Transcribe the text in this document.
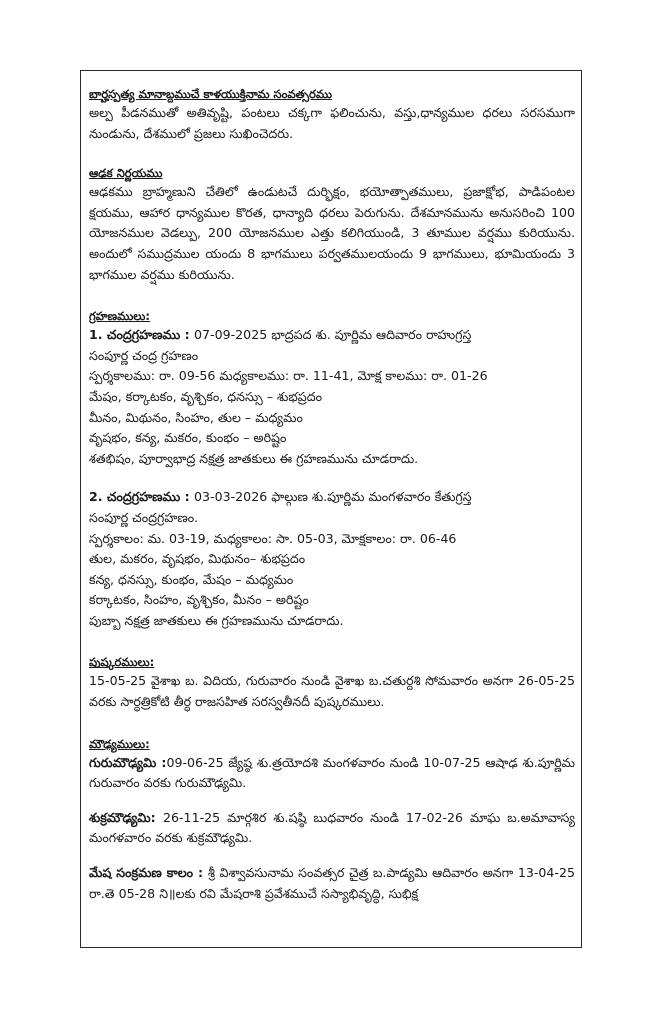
బార్హస్పత్య మానాబ్దముచే కాళయుక్తినామ సంవత్సరము
అల్ప పీడనముతో అతివృష్టి, పంటలు చక్కగా ఫలించును, వస్తు,ధాన్యముల ధరలు సరసముగా నుండును, దేశములో ప్రజలు సుఖించెదరు.
ఆఢక నిర్ణయము
ఆఢకము బ్రాహ్మణుని చేతిలో ఉండుటచే దుర్భిక్షం, భయోత్పాతములు, ప్రజాక్షోభ, పాడిపంటల క్షయము, ఆహార ధాన్యముల కొరత, ధాన్యాది ధరలు పెరుగును. దేశమానమును అనుసరించి 100 యోజనముల వెడల్పు, 200 యోజనముల ఎత్తు కలిగియుండి, 3 తూముల వర్షము కురియును. అందులో సముద్రముల యందు 8 భాగములు పర్వతములయందు 9 భాగములు, భూమియందు 3 భాగముల వర్షము కురియును.
గ్రహణములు:
1. చంద్రగ్రహణము : 07-09-2025 భాద్రపద శు. పూర్ణిమ ఆదివారం రాహుగ్రస్త
సంపూర్ణ చంద్ర గ్రహణం
స్పర్శకాలము: రా. 09-56 మధ్యకాలము: రా. 11-41, మోక్ష కాలము: రా. 01-26
మేషం, కర్కాటకం, వృశ్చికం, ధనస్సు – శుభప్రదం
మీనం, మిథునం, సింహం, తుల – మధ్యమం
వృషభం, కన్య, మకరం, కుంభం – అరిష్టం
శతభిషం, పూర్వాభాద్ర నక్షత్ర జాతకులు ఈ గ్రహణమును చూడరాదు.
2. చంద్రగ్రహణము : 03-03-2026 ఫాల్గుణ శు.పూర్ణిమ మంగళవారం కేతుగ్రస్త
సంపూర్ణ చంద్రగ్రహణం.
స్పర్శకాలం: మ. 03-19, మధ్యకాలం: సా. 05-03, మోక్షకాలం: రా. 06-46
తుల, మకరం, వృషభం, మిథునం– శుభప్రదం
కన్య, ధనస్సు, కుంభం, మేషం – మధ్యమం
కర్కాటకం, సింహం, వృశ్చికం, మీనం – అరిష్టం
పుబ్బా నక్షత్ర జాతకులు ఈ గ్రహణమును చూడరాదు.
పుష్కరములు:
15-05-25 వైశాఖ బ. విదియ, గురువారం నుండి వైశాఖ బ.చతుర్దశి సోమవారం అనగా 26-05-25 వరకు సార్ధత్రికోటి తీర్ధ రాజసహిత సరస్వతీనదీ పుష్కరములు.
మౌఢ్యములు:
గురుమౌఢ్యమి :09-06-25 జ్యేష్ఠ శు.త్రయోదశి మంగళవారం నుండి 10-07-25 ఆషాఢ శు.పూర్ణిమ గురువారం వరకు గురుమౌఢ్యమి.
శుక్రమౌఢ్యమి: 26-11-25 మార్గశిర శు.షష్ఠి బుధవారం నుండి 17-02-26 మాఘ బ.అమావాస్య మంగళవారం వరకు శుక్రమౌఢ్యమి.
మేష సంక్రమణ కాలం : శ్రీ విశ్వావసునామ సంవత్సర చైత్ర బ.పాడ్యమి ఆదివారం అనగా 13-04-25 రా.తె 05-28 ని॥లకు రవి మేషరాశి ప్రవేశముచే సస్యాభివృద్ధి, సుభిక్ష
